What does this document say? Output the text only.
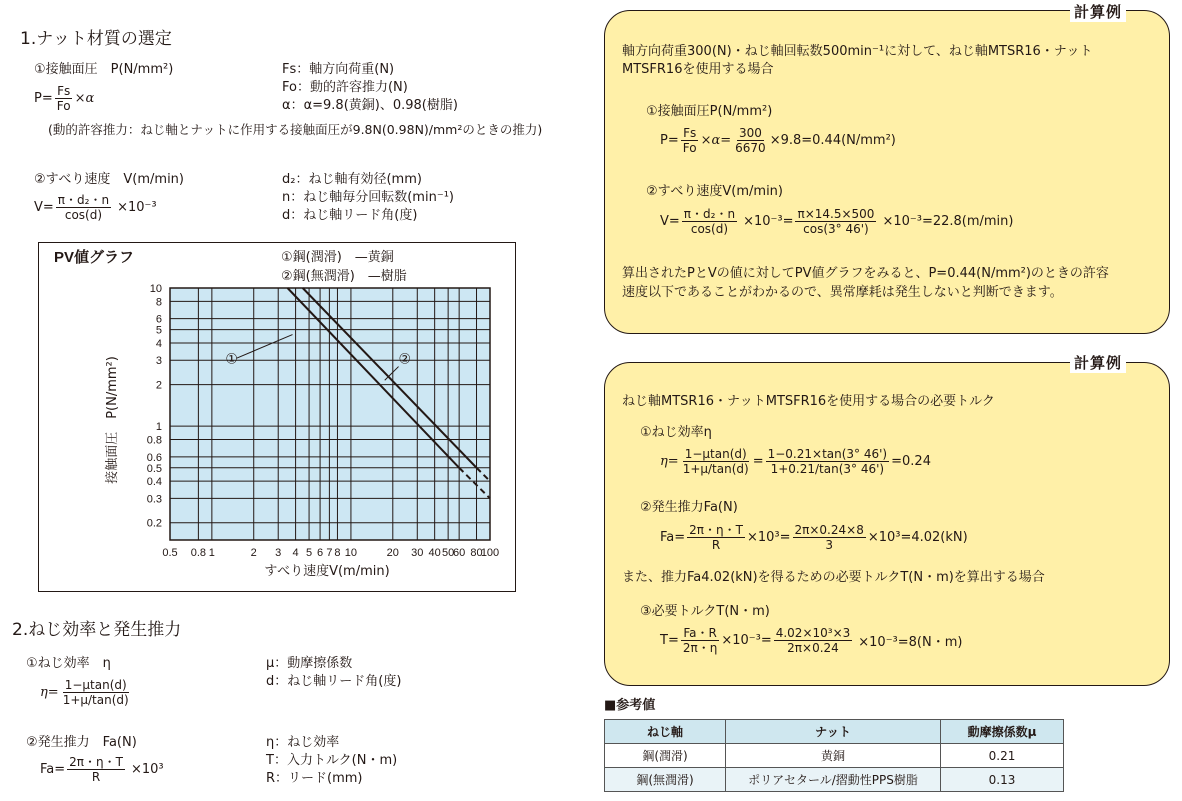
1.ナット材質の選定
①接触面圧　P(N/mm²)
$P= \frac{Fs}{Fo} \times\alpha$
Fs：軸方向荷重(N)
Fo：動的許容推力(N)
α：α=9.8(黄銅)、0.98(樹脂)
(動的許容推力：ねじ軸とナットに作用する接触面圧が9.8N(0.98N)/mm²のときの推力)
②すべり速度　V(m/min)
$V= \frac{\text{π・d₂・n}}{\cos(d)} \times 10^{-3}$
d₂：ねじ軸有効径(mm)
n：ねじ軸毎分回転数(min⁻¹)
d：ねじ軸リード角(度)
PV値グラフ	①鋼(潤滑)　—黄銅
②鋼(無潤滑)　—樹脂
0.5 0.8 1	2 3 4 5 6 7 8 10	20 30 40 50
60 80
100
0.2
0.3
0.4
0.5
0.6
0.8
1
2
3
4
5
6
8
10
①	②
すべり速度V(m/min)
接触面圧　P(N/mm²)
2.ねじ効率と発生推力
①ねじ効率　η
$\eta= \frac{1-\mu\tan(d)}{1+\mu/\tan(d)}$
μ：動摩擦係数
d：ねじ軸リード角(度)
②発生推力　Fa(N)
$Fa= \frac{2\pi・\eta・T}{R} \times 10^3$
η：ねじ効率
T：入力トルク(N・m)
R：リード(mm)
計算例
軸方向荷重300(N)・ねじ軸回転数500min⁻¹に対して、ねじ軸MTSR16・ナット
MTSFR16を使用する場合
①接触面圧P(N/mm²)
$P= \frac{Fs}{Fo} \times\alpha= \frac{300}{6670} \times 9.8=0.44(N/mm^2)$
②すべり速度V(m/min)
$V= \frac{\text{π・d₂・n}}{\cos(d)} \times 10^{-3}= \frac{\pi\times 14.5\times 500}{\cos(3^\circ 46')} \times 10^{-3}=22.8(m/\min)$
算出されたPとVの値に対してPV値グラフをみると、P=0.44(N/mm²)のときの許容
速度以下であることがわかるので、異常摩耗は発生しないと判断できます。
計算例
ねじ軸MTSR16・ナットMTSFR16を使用する場合の必要トルク
①ねじ効率η
$\eta= \frac{1-\mu\tan(d)}{1+\mu/\tan(d)} = \frac{1-0.21\times\tan(3^\circ 46')}{1+0.21/\tan(3^\circ 46')} =0.24$
②発生推力Fa(N)
$Fa= \frac{2\pi・\eta・T}{R} \times 10^3= \frac{2\pi\times 0.24\times 8}{3} \times 10^3=4.02(kN)$
また、推力Fa4.02(kN)を得るための必要トルクT(N・m)を算出する場合
③必要トルクT(N・m)
$T= \frac{Fa・R}{2\pi・\eta} \times 10^{-3}= \frac{\text{4.02×10³×3}}{2\pi\times 0.24} \times 10^{-3}=8(N$・m)
■参考値
ねじ軸	ナット	動摩擦係数μ
鋼(潤滑)	黄銅	0.21
鋼(無潤滑)	ポリアセタール/摺動性PPS樹脂	0.13
